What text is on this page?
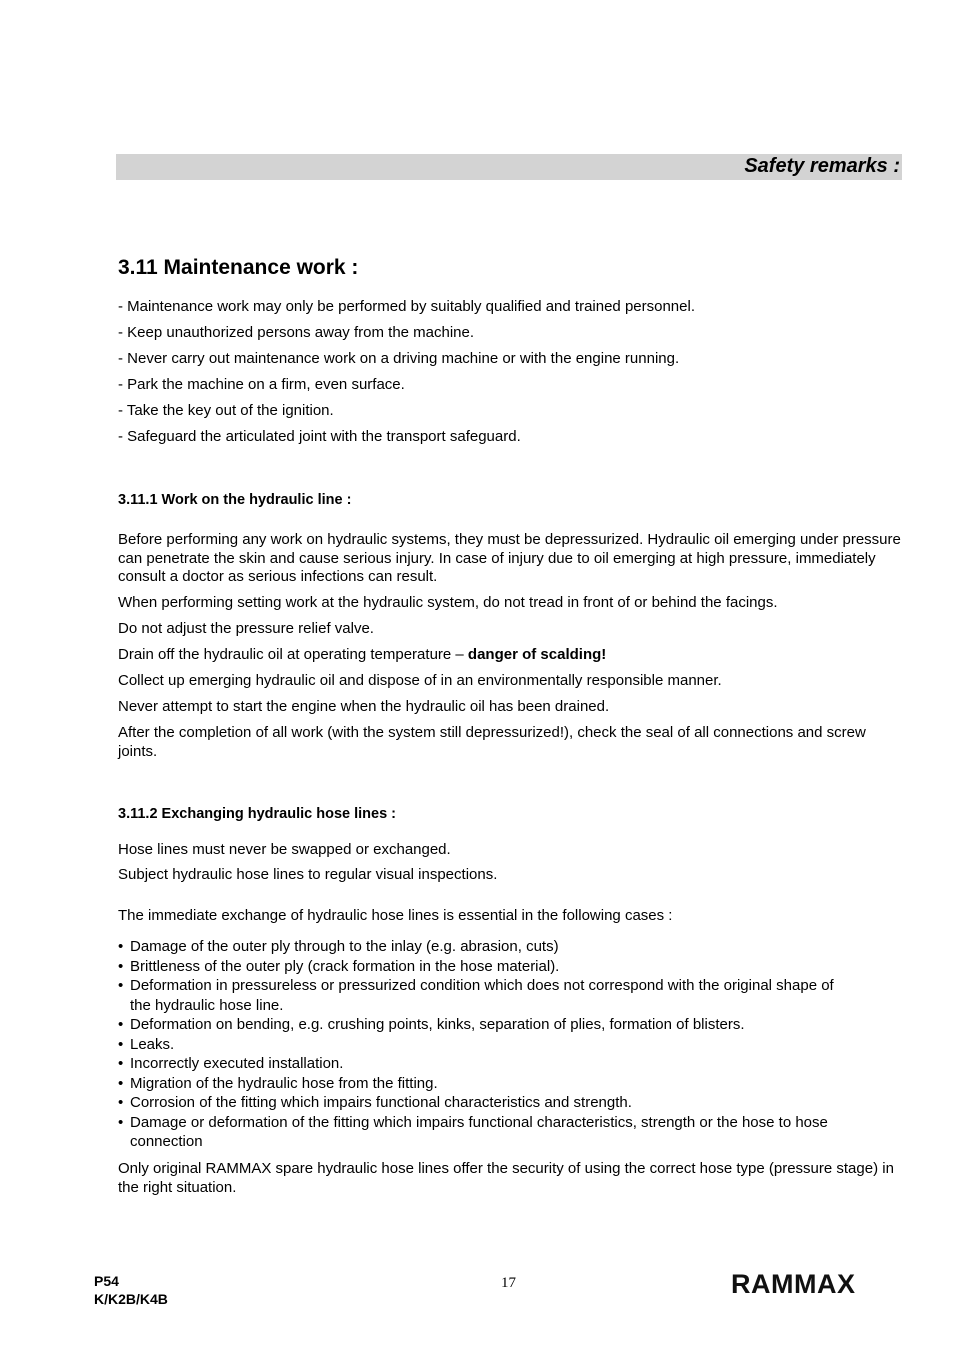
Safety remarks :
3.11 Maintenance work :

- Maintenance work may only be performed by suitably qualified and trained personnel.

- Keep unauthorized persons away from the machine.

- Never carry out maintenance work on a driving machine or with the engine running.

- Park the machine on a firm, even surface.

- Take the key out of the ignition.

- Safeguard the articulated joint with the transport safeguard.

3.11.1 Work on the hydraulic line :

Before performing any work on hydraulic systems, they must be depressurized. Hydraulic oil emerging under pressure can penetrate the skin and cause serious injury. In case of injury due to oil emerging at high pressure, immediately consult a doctor as serious infections can result.

When performing setting work at the hydraulic system, do not tread in front of or behind the facings.

Do not adjust the pressure relief valve.

Drain off the hydraulic oil at operating temperature – danger of scalding!

Collect up emerging hydraulic oil and dispose of in an environmentally responsible manner.

Never attempt to start the engine when the hydraulic oil has been drained.

After the completion of all work (with the system still depressurized!), check the seal of all connections and screw joints.

3.11.2 Exchanging hydraulic hose lines :

Hose lines must never be swapped or exchanged.

Subject hydraulic hose lines to regular visual inspections.

The immediate exchange of hydraulic hose lines is essential in the following cases :

• Damage of the outer ply through to the inlay (e.g. abrasion, cuts)
• Brittleness of the outer ply (crack formation in the hose material).
• Deformation in pressureless or pressurized condition which does not correspond with the original shape of the hydraulic hose line.
• Deformation on bending, e.g. crushing points, kinks, separation of plies, formation of blisters.
• Leaks.
• Incorrectly executed installation.
• Migration of the hydraulic hose from the fitting.
• Corrosion of the fitting which impairs functional characteristics and strength.
• Damage or deformation of the fitting which impairs functional characteristics, strength or the hose to hose connection

Only original RAMMAX spare hydraulic hose lines offer the security of using the correct hose type (pressure stage) in the right situation.

P54
K/K2B/K4B
17	RAMMAX
